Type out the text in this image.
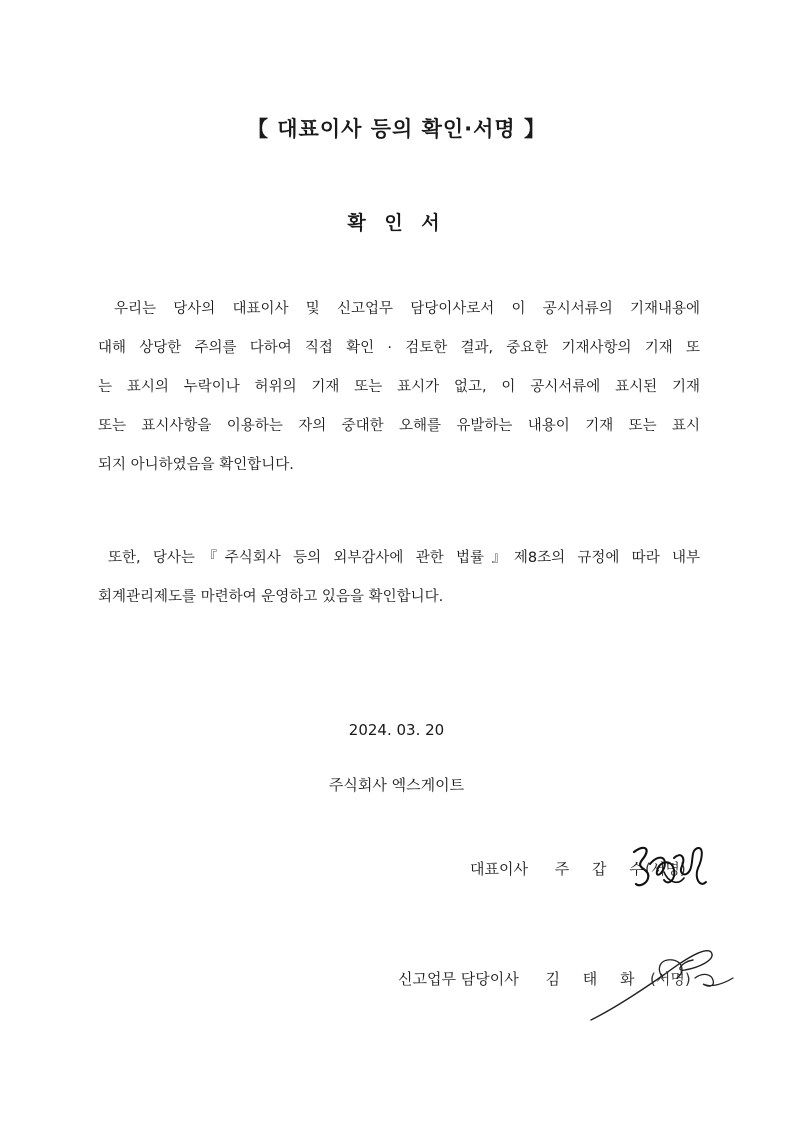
【 대표이사 등의 확인·서명 】
확 인 서
우리는 당사의 대표이사 및 신고업무 담당이사로서 이 공시서류의 기재내용에
대해 상당한 주의를 다하여 직접 확인 · 검토한 결과, 중요한 기재사항의 기재 또
는 표시의 누락이나 허위의 기재 또는 표시가 없고, 이 공시서류에 표시된 기재
또는 표시사항을 이용하는 자의 중대한 오해를 유발하는 내용이 기재 또는 표시
되지 아니하였음을 확인합니다.
또한, 당사는『주식회사 등의 외부감사에 관한 법률』제8조의 규정에 따라 내부
회계관리제도를 마련하여 운영하고 있음을 확인합니다.
2024. 03. 20
주식회사 엑스게이트
대표이사 주 갑 수
(서명)
신고업무 담당이사 김 태 화 (서명)
